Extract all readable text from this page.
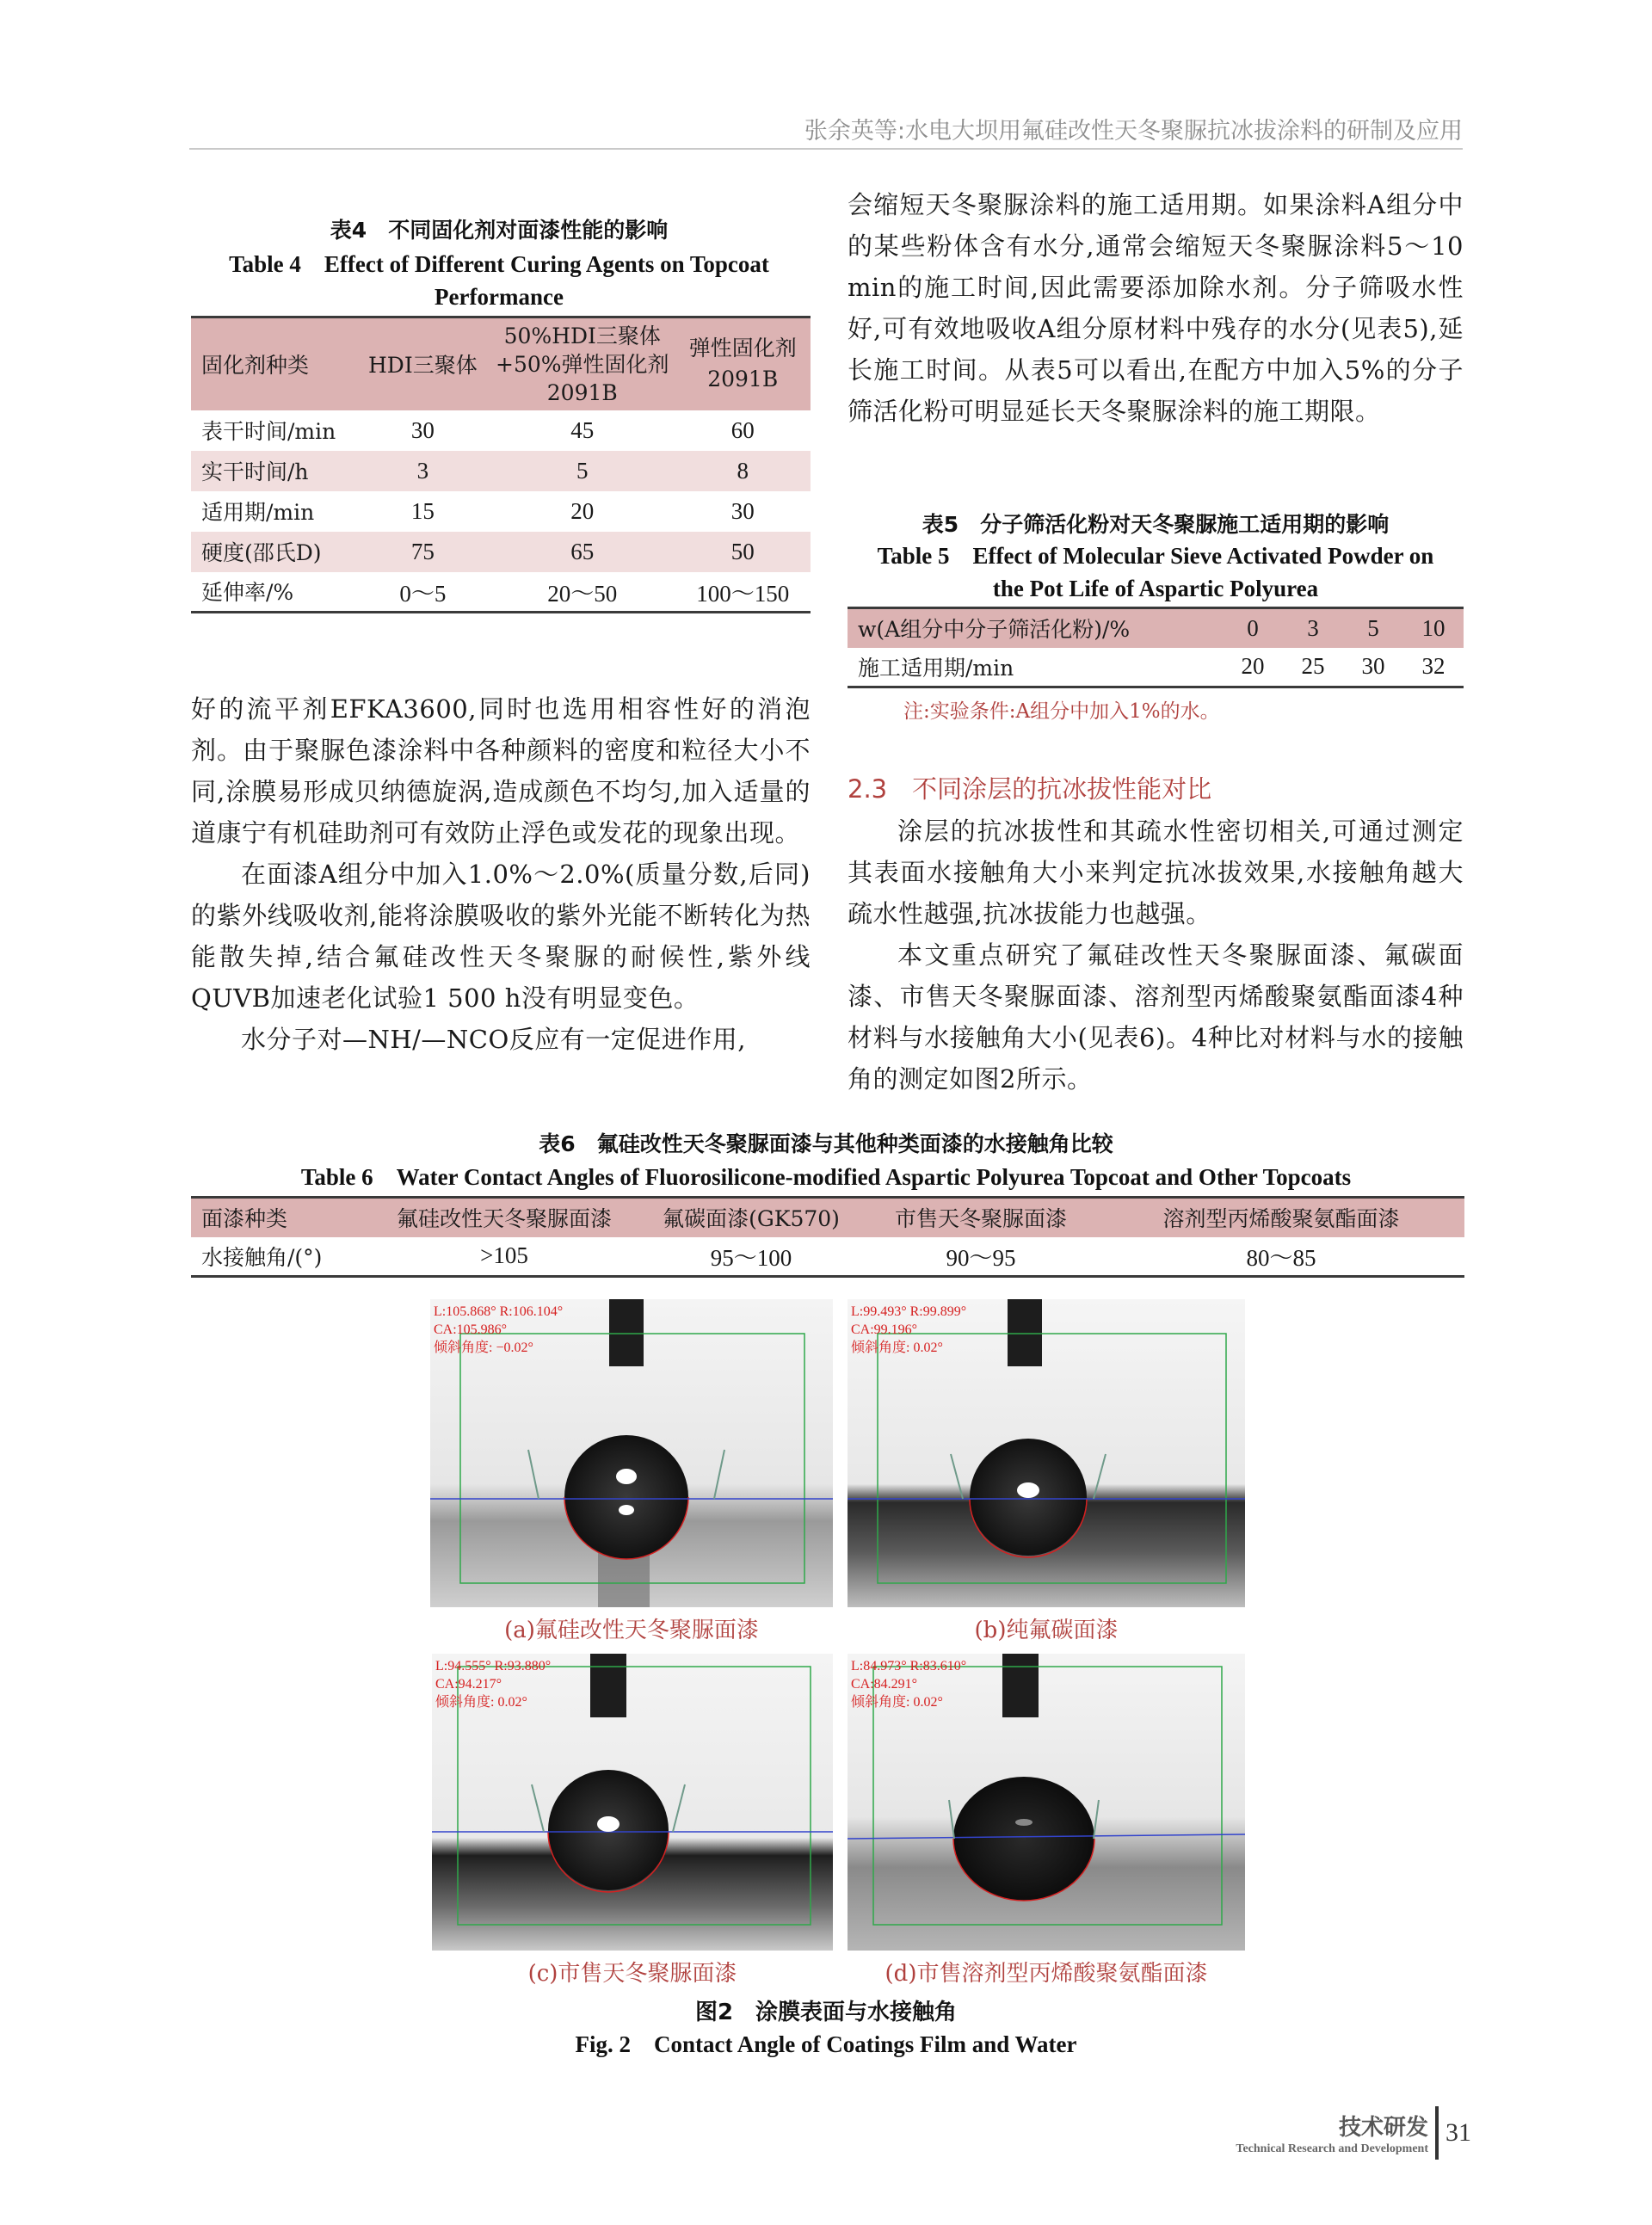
张余英等:水电大坝用氟硅改性天冬聚脲抗冰拔涂料的研制及应用
表4　不同固化剂对面漆性能的影响
Table 4　Effect of Different Curing Agents on Topcoat
Performance
固化剂种类	HDI三聚体	50%HDI三聚体+50%弹性固化剂2091B	弹性固化剂2091B
表干时间/min	30	45	60
实干时间/h	3	5	8
适用期/min	15	20	30
硬度(邵氏D)	75	65	50
延伸率/%	0～5	20～50	100～150

好的流平剂EFKA3600,同时也选用相容性好的消泡剂。由于聚脲色漆涂料中各种颜料的密度和粒径大小不同,涂膜易形成贝纳德旋涡,造成颜色不均匀,加入适量的道康宁有机硅助剂可有效防止浮色或发花的现象出现。

在面漆A组分中加入1.0%～2.0%(质量分数,后同)的紫外线吸收剂,能将涂膜吸收的紫外光能不断转化为热能散失掉,结合氟硅改性天冬聚脲的耐候性,紫外线QUVB加速老化试验1 500 h没有明显变色。

水分子对—NH/—NCO反应有一定促进作用,

会缩短天冬聚脲涂料的施工适用期。如果涂料A组分中的某些粉体含有水分,通常会缩短天冬聚脲涂料5～10 min的施工时间,因此需要添加除水剂。分子筛吸水性好,可有效地吸收A组分原材料中残存的水分(见表5),延长施工时间。从表5可以看出,在配方中加入5%的分子筛活化粉可明显延长天冬聚脲涂料的施工期限。

表5　分子筛活化粉对天冬聚脲施工适用期的影响
Table 5　Effect of Molecular Sieve Activated Powder on
the Pot Life of Aspartic Polyurea
w(A组分中分子筛活化粉)/%	0	3	5	10
施工适用期/min	20	25	30	32
注:实验条件:A组分中加入1%的水。
2.3　不同涂层的抗冰拔性能对比

涂层的抗冰拔性和其疏水性密切相关,可通过测定其表面水接触角大小来判定抗冰拔效果,水接触角越大疏水性越强,抗冰拔能力也越强。

本文重点研究了氟硅改性天冬聚脲面漆、氟碳面漆、市售天冬聚脲面漆、溶剂型丙烯酸聚氨酯面漆4种材料与水接触角大小(见表6)。4种比对材料与水的接触角的测定如图2所示。

表6　氟硅改性天冬聚脲面漆与其他种类面漆的水接触角比较
Table 6　Water Contact Angles of Fluorosilicone-modified Aspartic Polyurea Topcoat and Other Topcoats
面漆种类	氟硅改性天冬聚脲面漆	氟碳面漆(GK570)	市售天冬聚脲面漆	溶剂型丙烯酸聚氨酯面漆
水接触角/(°)	>105	95～100	90～95	80～85
L:105.868° R:106.104°
CA:105.986°
倾斜角度: −0.02°
(a)氟硅改性天冬聚脲面漆
L:99.493° R:99.899°
CA:99.196°
倾斜角度: 0.02°
(b)纯氟碳面漆
L:94.555° R:93.880°
CA:94.217°
倾斜角度: 0.02°
(c)市售天冬聚脲面漆
L:84.973° R:83.610°
CA:84.291°
倾斜角度: 0.02°
(d)市售溶剂型丙烯酸聚氨酯面漆
图2　涂膜表面与水接触角
Fig. 2　Contact Angle of Coatings Film and Water
技术研发
Technical Research and Development
31
